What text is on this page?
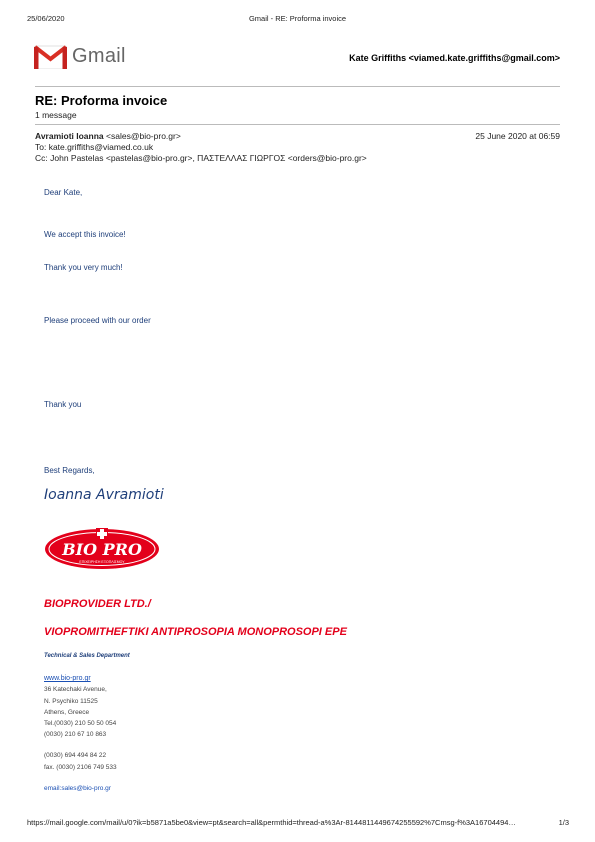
25/06/2020	Gmail - RE: Proforma invoice
Gmail	Kate Griffiths <viamed.kate.griffiths@gmail.com>
RE: Proforma invoice
1 message
Avramioti Ioanna <sales@bio-pro.gr>	25 June 2020 at 06:59
To: kate.griffiths@viamed.co.uk
Cc: John Pastelas <pastelas@bio-pro.gr>, ΠΑΣΤΕΛΛΑΣ ΓΙΩΡΓΟΣ <orders@bio-pro.gr>
Dear Kate,
We accept this invoice!
Thank you very much!
Please proceed with our order
Thank you
Best Regards,
Ioanna Avramioti
BIO PRO
ΕΠΙΧΕΙΡΗΣΗ ΕΞΟΠΛΙΣΜΟΥ
BIOPROVIDER LTD./
VIOPROMITHEFTIKI ANTIPROSOPIA MONOPROSOPI EPE
Technical & Sales Department
www.bio-pro.gr
36 Katechaki Avenue,
N. Psychiko 11525
Athens, Greece
Tel.(0030) 210 50 50 054
(0030) 210 67 10 863
(0030) 694 494 84 22
fax. (0030) 2106 749 533
email:sales@bio-pro.gr
https://mail.google.com/mail/u/0?ik=b5871a5be0&view=pt&search=all&permthid=thread-a%3Ar-8144811449674255592%7Cmsg-f%3A16704494…	1/3
